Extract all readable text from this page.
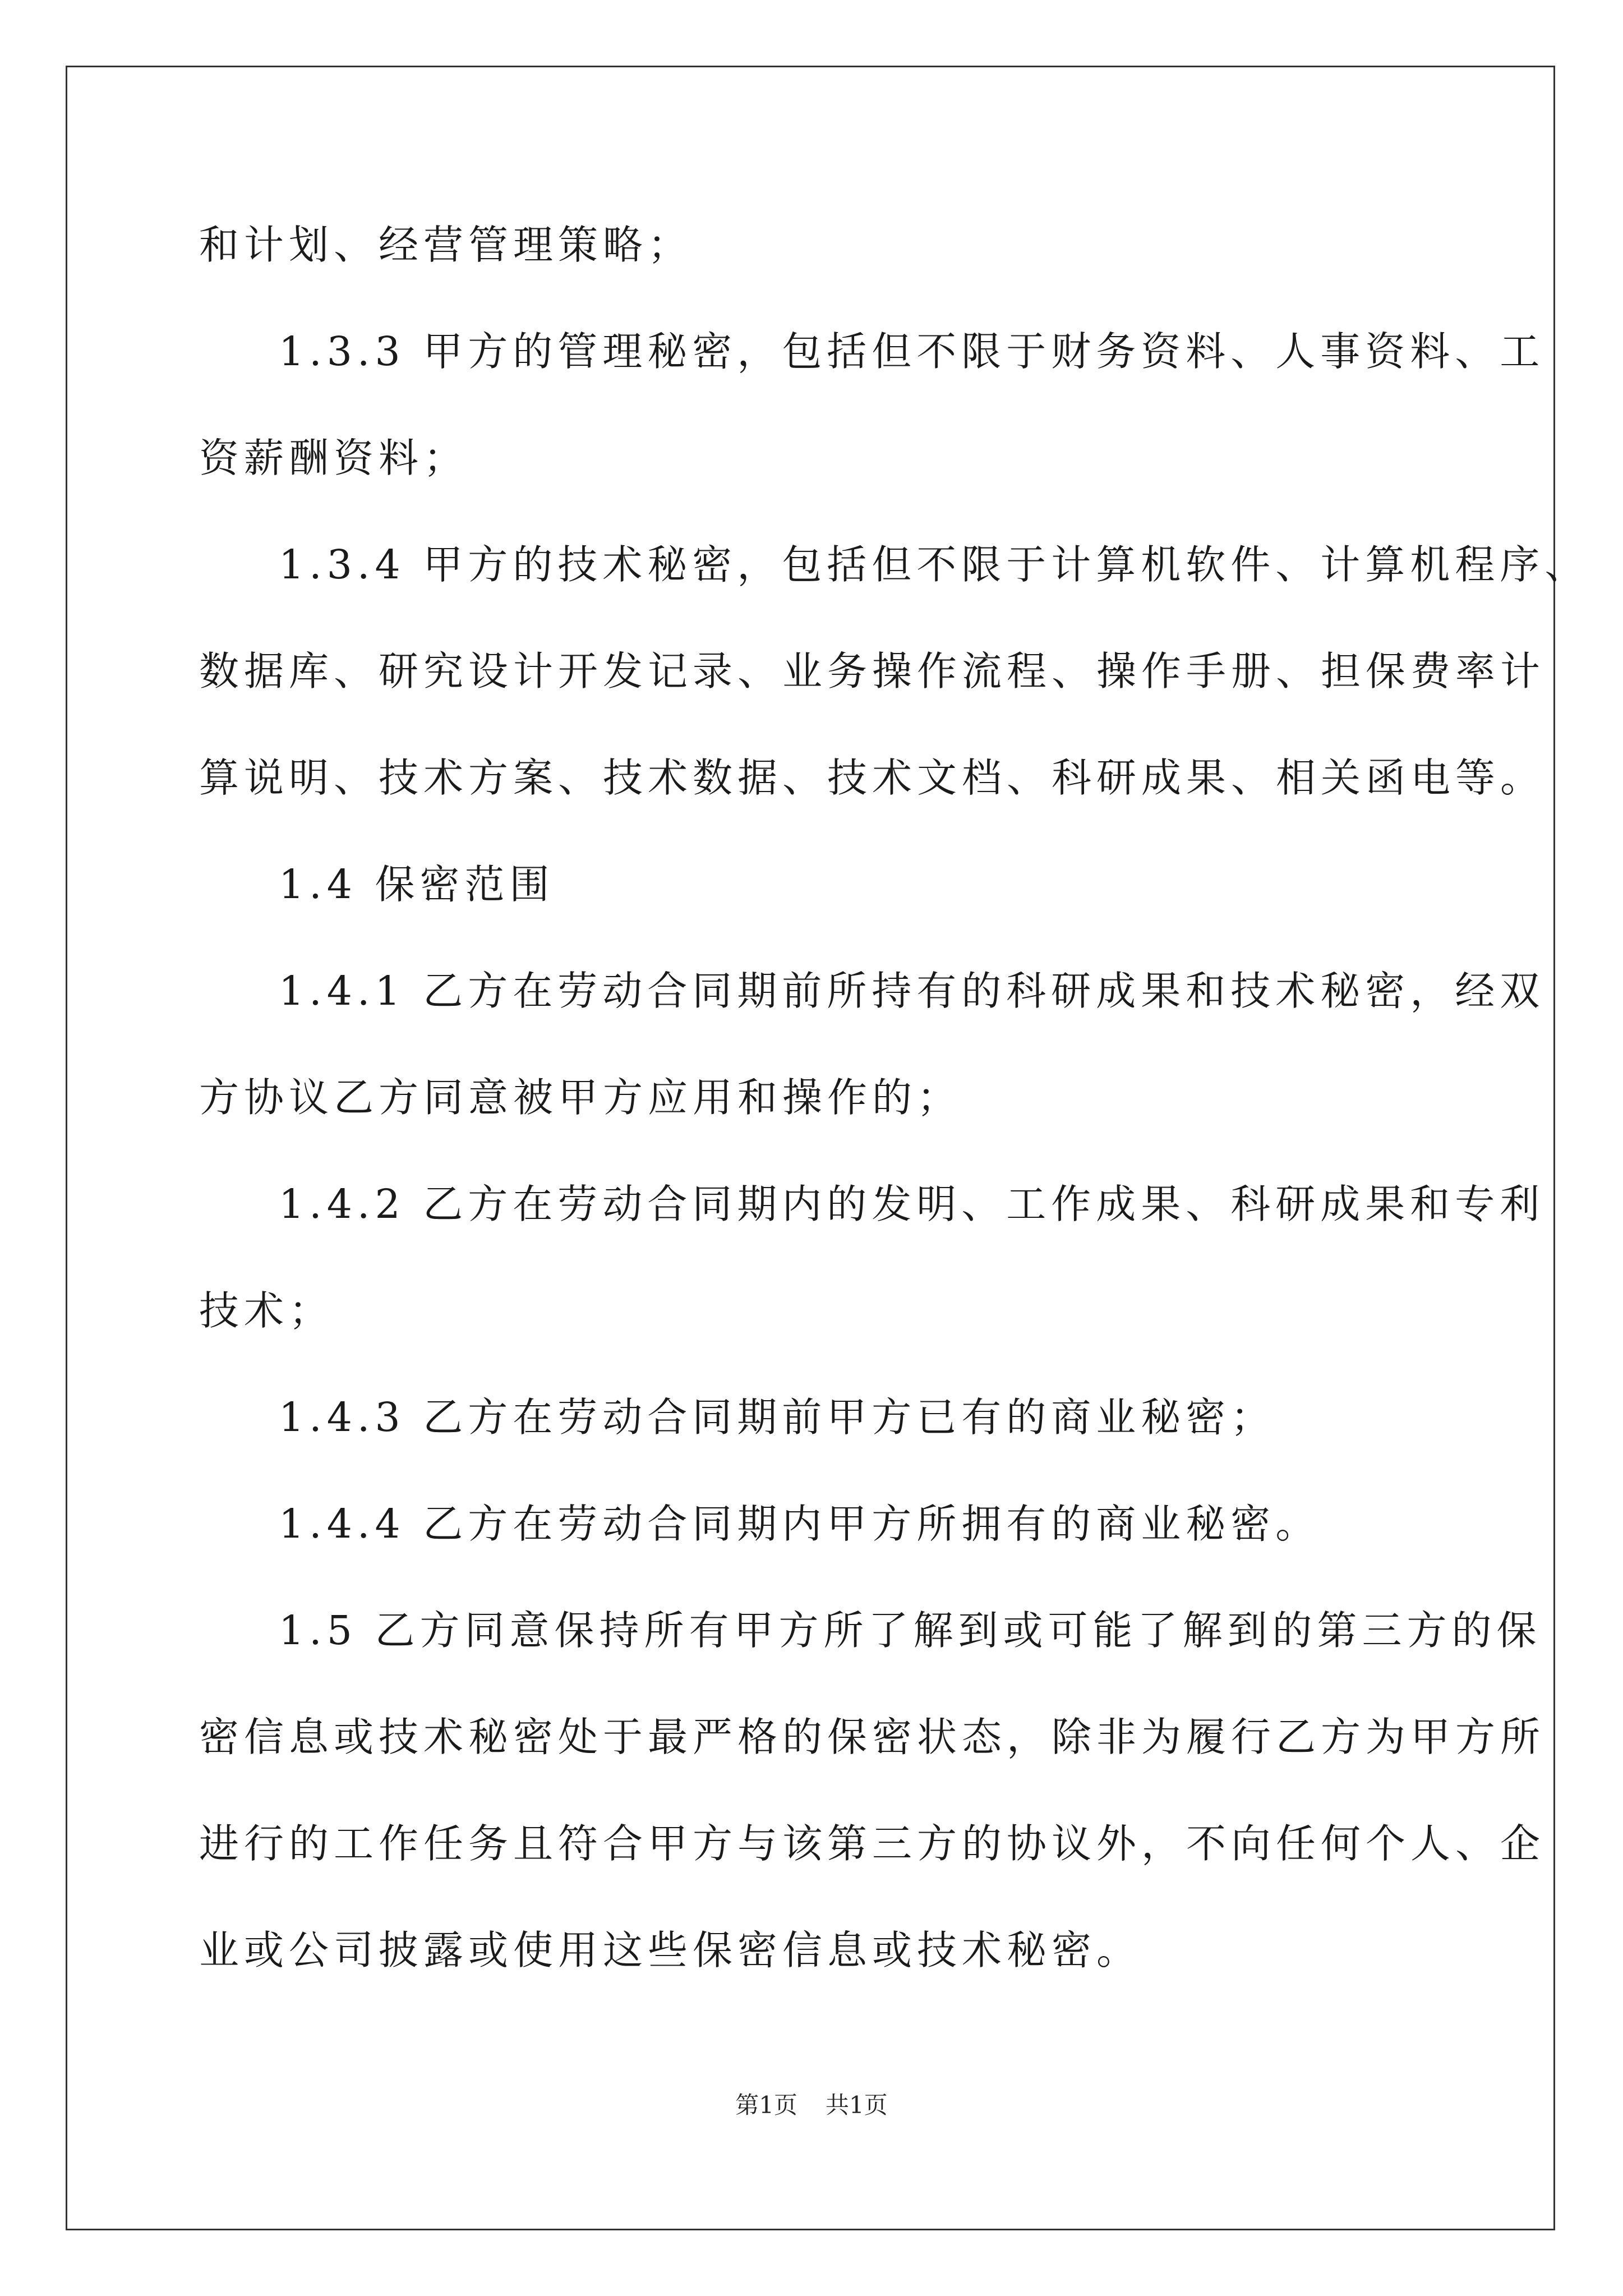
和计划、经营管理策略；
1.3.3 甲方的管理秘密，包括但不限于财务资料、人事资料、工
资薪酬资料；
1.3.4 甲方的技术秘密，包括但不限于计算机软件、计算机程序、
数据库、研究设计开发记录、业务操作流程、操作手册、担保费率计
算说明、技术方案、技术数据、技术文档、科研成果、相关函电等。
1.4 保密范围
1.4.1 乙方在劳动合同期前所持有的科研成果和技术秘密，经双
方协议乙方同意被甲方应用和操作的；
1.4.2 乙方在劳动合同期内的发明、工作成果、科研成果和专利
技术；
1.4.3 乙方在劳动合同期前甲方已有的商业秘密；
1.4.4 乙方在劳动合同期内甲方所拥有的商业秘密。
1.5 乙方同意保持所有甲方所了解到或可能了解到的第三方的保
密信息或技术秘密处于最严格的保密状态，除非为履行乙方为甲方所
进行的工作任务且符合甲方与该第三方的协议外，不向任何个人、企
业或公司披露或使用这些保密信息或技术秘密。
第1页 共1页
